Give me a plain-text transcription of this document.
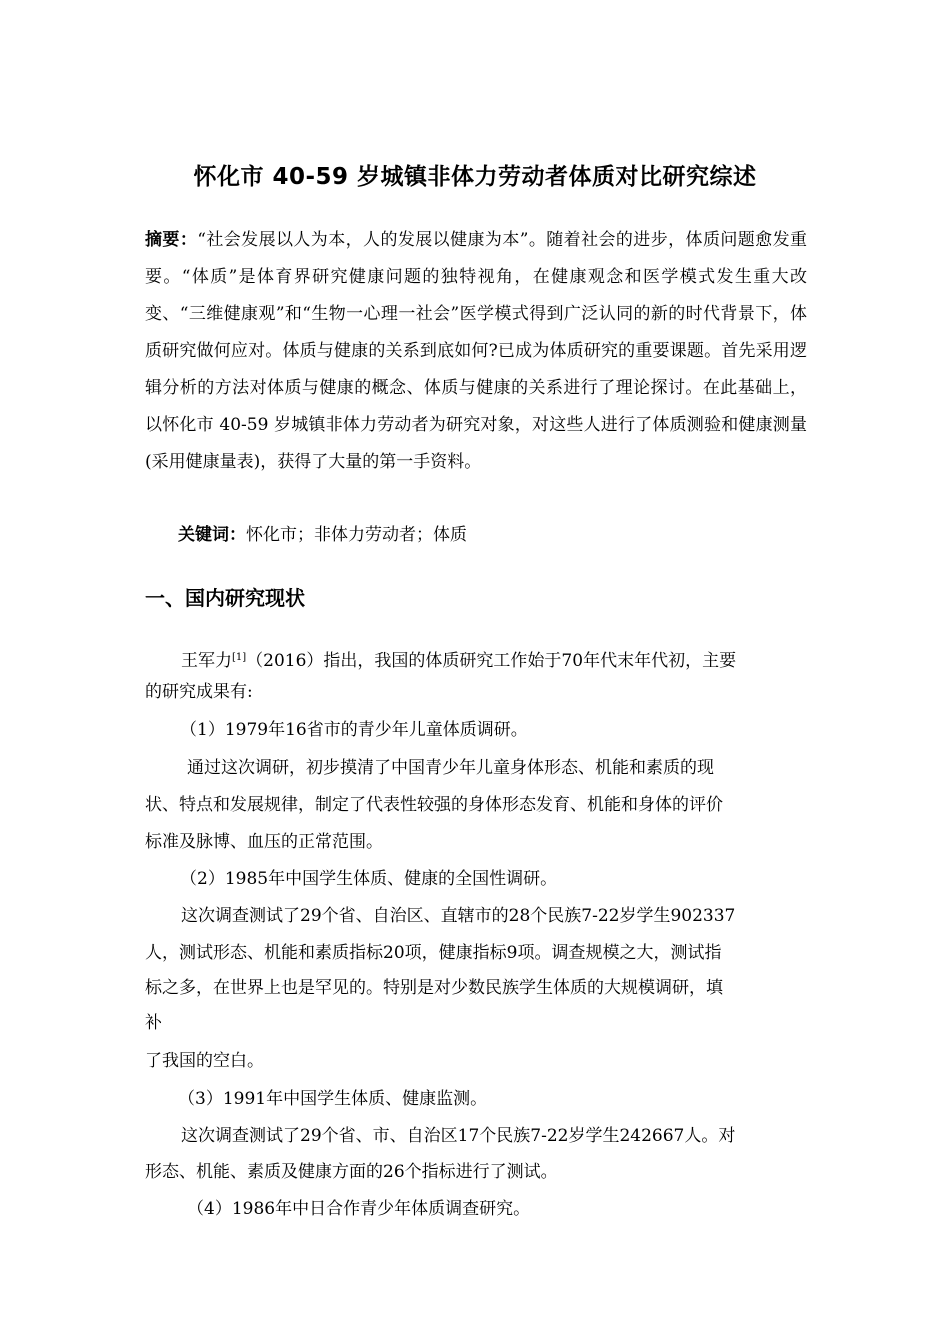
怀化市 40-59 岁城镇非体力劳动者体质对比研究综述
摘要：“社会发展以人为本，人的发展以健康为本”。随着社会的进步，体质问题愈发重要。“体质”是体育界研究健康问题的独特视角，在健康观念和医学模式发生重大改变、“三维健康观”和“生物一心理一社会”医学模式得到广泛认同的新的时代背景下，体质研究做何应对。体质与健康的关系到底如何?已成为体质研究的重要课题。首先采用逻辑分析的方法对体质与健康的概念、体质与健康的关系进行了理论探讨。在此基础上，以怀化市 40-59 岁城镇非体力劳动者为研究对象，对这些人进行了体质测验和健康测量(采用健康量表)，获得了大量的第一手资料。
关键词：怀化市；非体力劳动者；体质
一、国内研究现状
王军力[1]（2016）指出，我国的体质研究工作始于70年代末年代初，主要
的研究成果有:
（1）1979年16省市的青少年儿童体质调研。
通过这次调研，初步摸清了中国青少年儿童身体形态、机能和素质的现
状、特点和发展规律，制定了代表性较强的身体形态发育、机能和身体的评价
标准及脉博、血压的正常范围。
（2）1985年中国学生体质、健康的全国性调研。
这次调查测试了29个省、自治区、直辖市的28个民族7-22岁学生902337
人，测试形态、机能和素质指标20项，健康指标9项。调查规模之大，测试指
标之多，在世界上也是罕见的。特别是对少数民族学生体质的大规模调研，填
补
了我国的空白。
（3）1991年中国学生体质、健康监测。
这次调查测试了29个省、市、自治区17个民族7-22岁学生242667人。对
形态、机能、素质及健康方面的26个指标进行了测试。
（4）1986年中日合作青少年体质调查研究。
